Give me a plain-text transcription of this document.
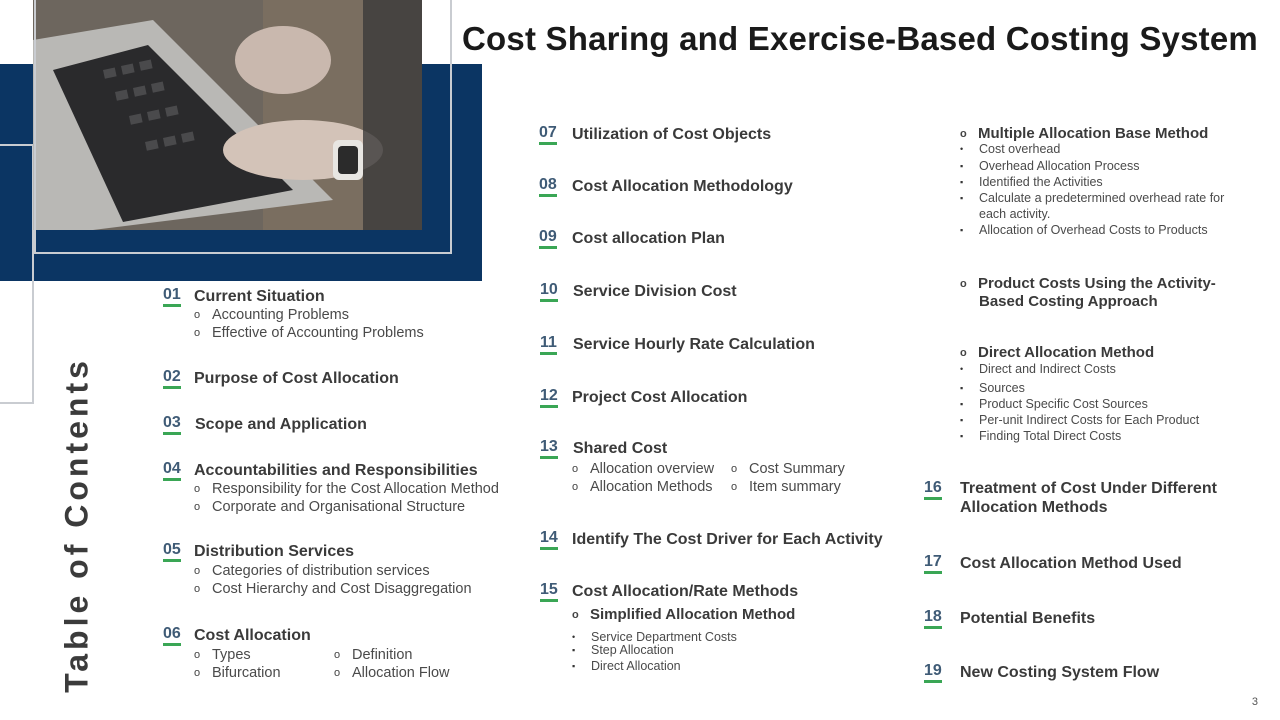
Cost Sharing and Exercise-Based Costing System
Table of Contents
01 Current Situation
o Accounting Problems
o Effective of Accounting Problems
02 Purpose of Cost Allocation
03 Scope and Application
04 Accountabilities and Responsibilities
o Responsibility for the Cost Allocation Method
o Corporate and Organisational Structure
05 Distribution Services
o Categories of distribution services
o Cost Hierarchy and Cost Disaggregation
06 Cost Allocation
o Types
o Bifurcation
o Definition
o Allocation Flow
07 Utilization of Cost Objects
08 Cost Allocation Methodology
09 Cost allocation Plan
10 Service Division Cost
11 Service Hourly Rate Calculation
12 Project Cost Allocation
13 Shared Cost
o Allocation overview
o Allocation Methods
o Cost Summary
o Item summary
14 Identify The Cost Driver for Each Activity
15 Cost Allocation/Rate Methods
o Simplified Allocation Method
• Service Department Costs
▪ Step Allocation
▪ Direct Allocation
o Multiple Allocation Base Method
• Cost overhead
▪ Overhead Allocation Process
▪ Identified the Activities
▪ Calculate a predetermined overhead rate for
each activity.
▪ Allocation of Overhead Costs to Products
o Product Costs Using the Activity-
Based Costing Approach
o Direct Allocation Method
• Direct and Indirect Costs
▪ Sources
▪ Product Specific Cost Sources
▪ Per-unit Indirect Costs for Each Product
▪ Finding Total Direct Costs
16 Treatment of Cost Under Different
Allocation Methods
17 Cost Allocation Method Used
18 Potential Benefits
19 New Costing System Flow
3
